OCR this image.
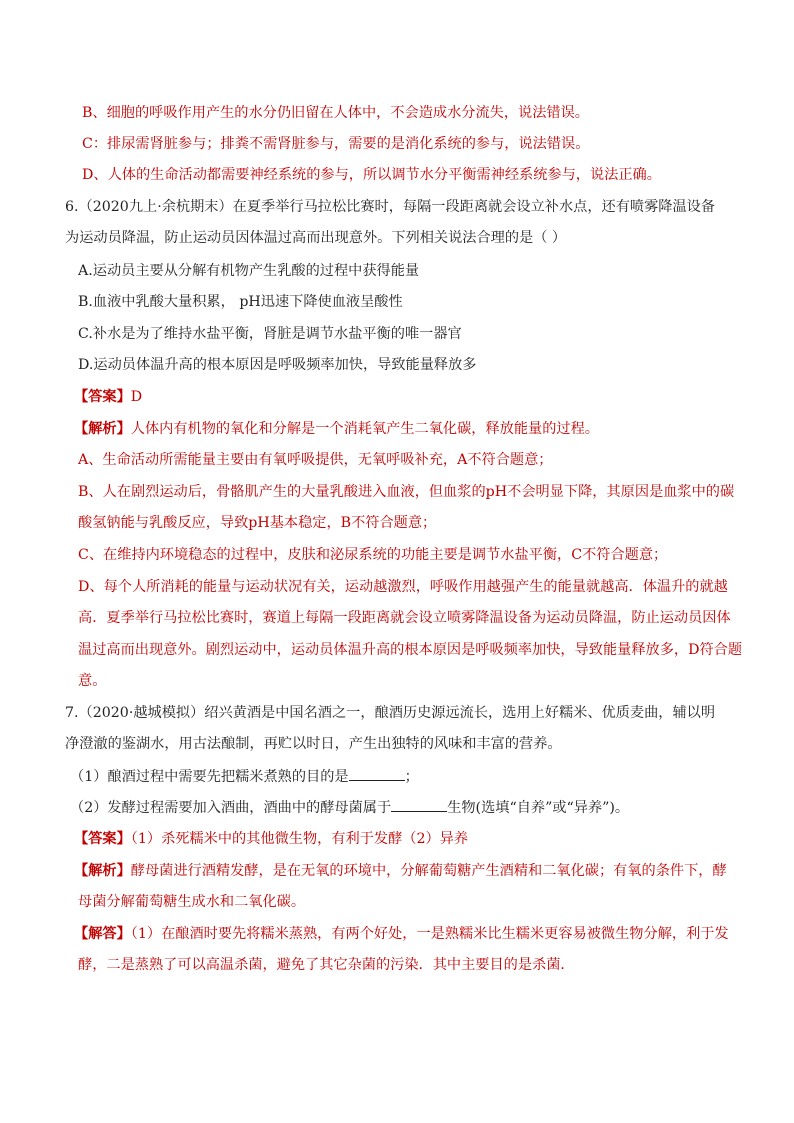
B、细胞的呼吸作用产生的水分仍旧留在人体中，不会造成水分流失，说法错误。
C：排尿需肾脏参与；排粪不需肾脏参与，需要的是消化系统的参与，说法错误。
D、人体的生命活动都需要神经系统的参与，所以调节水分平衡需神经系统参与，说法正确。
6.（2020九上·余杭期末）在夏季举行马拉松比赛时，每隔一段距离就会设立补水点，还有喷雾降温设备
为运动员降温，防止运动员因体温过高而出现意外。下列相关说法合理的是（ ）
A.运动员主要从分解有机物产生乳酸的过程中获得能量
B.血液中乳酸大量积累， pH迅速下降使血液呈酸性
C.补水是为了维持水盐平衡，肾脏是调节水盐平衡的唯一器官
D.运动员体温升高的根本原因是呼吸频率加快，导致能量释放多
【答案】D
【解析】人体内有机物的氧化和分解是一个消耗氧产生二氧化碳，释放能量的过程。
A、生命活动所需能量主要由有氧呼吸提供，无氧呼吸补充，A不符合题意；
B、人在剧烈运动后，骨骼肌产生的大量乳酸进入血液，但血浆的pH不会明显下降，其原因是血浆中的碳
酸氢钠能与乳酸反应，导致pH基本稳定，B不符合题意；
C、在维持内环境稳态的过程中，皮肤和泌尿系统的功能主要是调节水盐平衡，C不符合题意；
D、每个人所消耗的能量与运动状况有关，运动越激烈，呼吸作用越强产生的能量就越高．体温升的就越
高．夏季举行马拉松比赛时，赛道上每隔一段距离就会设立喷雾降温设备为运动员降温，防止运动员因体
温过高而出现意外。剧烈运动中，运动员体温升高的根本原因是呼吸频率加快，导致能量释放多，D符合题
意。
7.（2020·越城模拟）绍兴黄酒是中国名酒之一，酿酒历史源远流长，选用上好糯米、优质麦曲，辅以明
净澄澈的鉴湖水，用古法酿制，再贮以时日，产生出独特的风味和丰富的营养。
（1）酿酒过程中需要先把糯米煮熟的目的是	；
（2）发酵过程需要加入酒曲，酒曲中的酵母菌属于	生物(选填“自养”或“异养”)。
【答案】（1）杀死糯米中的其他微生物，有利于发酵（2）异养
【解析】酵母菌进行酒精发酵，是在无氧的环境中，分解葡萄糖产生酒精和二氧化碳；有氧的条件下，酵
母菌分解葡萄糖生成水和二氧化碳。
【解答】（1）在酿酒时要先将糯米蒸熟，有两个好处，一是熟糯米比生糯米更容易被微生物分解，利于发
酵，二是蒸熟了可以高温杀菌，避免了其它杂菌的污染．其中主要目的是杀菌．
